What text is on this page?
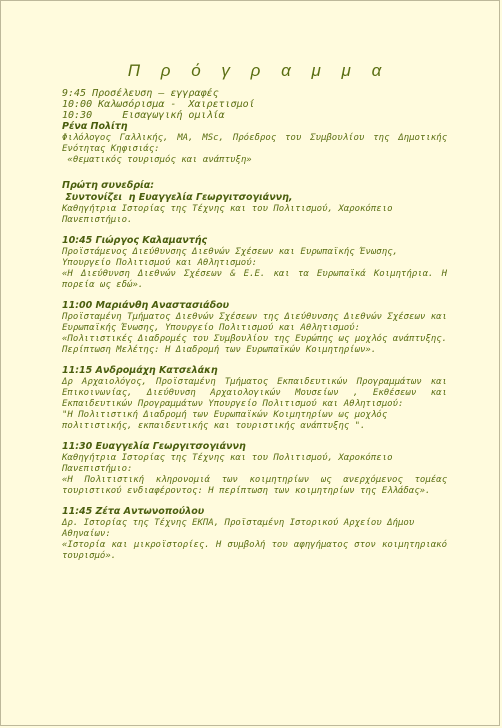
Π ρ ό γ ρ α μ μ α
9:45 Προσέλευση – εγγραφές
10:00 Καλωσόρισμα -  Χαιρετισμοί
10:30     Εισαγωγική ομιλία
Ρένα Πολίτη
Φιλόλογος Γαλλικής, ΜΑ, MSc, Πρόεδρος του Συμβουλίου της Δημοτικής Ενότητας Κηφισιάς:
«θεματικός τουρισμός και ανάπτυξη»
Πρώτη συνεδρία:
Συντονίζει  η Ευαγγελία Γεωργιτσογιάννη,
Καθηγήτρια Ιστορίας της Τέχνης και του Πολιτισμού, Χαροκόπειο Πανεπιστήμιο.
10:45 Γιώργος Καλαμαντής
Προϊστάμενος Διεύθυνσης Διεθνών Σχέσεων και Ευρωπαϊκής Ένωσης, Υπουργείο Πολιτισμού και Αθλητισμού:
«Η Διεύθυνση Διεθνών Σχέσεων & Ε.Ε. και τα Ευρωπαϊκά Κοιμητήρια. Η πορεία ως εδώ».
11:00 Μαριάνθη Αναστασιάδου
Προϊσταμένη Τμήματος Διεθνών Σχέσεων της Διεύθυνσης Διεθνών Σχέσεων και Ευρωπαϊκής Ένωσης, Υπουργείο Πολιτισμού και Αθλητισμού:
«Πολιτιστικές Διαδρομές του Συμβουλίου της Ευρώπης ως μοχλός ανάπτυξης. Περίπτωση Μελέτης: Η Διαδρομή των Ευρωπαϊκών Κοιμητηρίων».
11:15 Ανδρομάχη Κατσελάκη
Δρ Αρχαιολόγος, Προϊσταμένη Τμήματος Εκπαιδευτικών Προγραμμάτων και Επικοινωνίας, Διεύθυνση Αρχαιολογικών Μουσείων , Εκθέσεων και Εκπαιδευτικών Προγραμμάτων Υπουργείο Πολιτισμού και Αθλητισμού:
"Η Πολιτιστική Διαδρομή των Ευρωπαϊκών Κοιμητηρίων ως μοχλός πολιτιστικής, εκπαιδευτικής και τουριστικής ανάπτυξης ".
11:30 Ευαγγελία Γεωργιτσογιάννη
Καθηγήτρια Ιστορίας της Τέχνης και του Πολιτισμού, Χαροκόπειο Πανεπιστήμιο:
«Η Πολιτιστική κληρονομιά των κοιμητηρίων ως ανερχόμενος τομέας τουριστικού ενδιαφέροντος: Η περίπτωση των κοιμητηρίων της Ελλάδας».
11:45 Ζέτα Αντωνοπούλου
Δρ. Ιστορίας της Τέχνης ΕΚΠΑ, Προϊσταμένη Ιστορικού Αρχείου Δήμου Αθηναίων:
«Ιστορία και μικροϊστορίες. Η συμβολή του αφηγήματος στον κοιμητηριακό τουρισμό».
